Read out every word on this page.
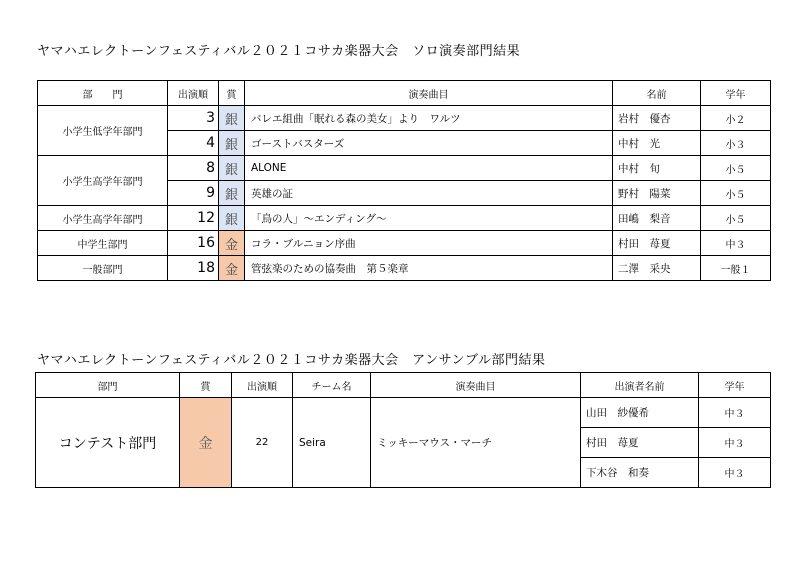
ヤマハエレクトーンフェスティバル２０２１コサカ楽器大会　ソロ演奏部門結果
部　　門	出演順	賞	演奏曲目	名前	学年
小学生低学年部門	3	銀	バレエ組曲「眠れる森の美女」より　ワルツ	岩村　優杏	小２
	4	銀	ゴーストバスターズ	中村　光	小３
小学生高学年部門	8	銀	ALONE	中村　旬	小５
	9	銀	英雄の証	野村　陽菜	小５
小学生高学年部門	12	銀	「鳥の人」～エンディング～	田嶋　梨音	小５
中学生部門	16	金	コラ・ブルニョン序曲	村田　苺夏	中３
一般部門	18	金	管弦楽のための協奏曲　第５楽章	二澤　采央	一般１
ヤマハエレクトーンフェスティバル２０２１コサカ楽器大会　アンサンブル部門結果
部門	賞	出演順	チーム名	演奏曲目	出演者名前	学年
コンテスト部門	金	22	Seira	ミッキーマウス・マーチ	山田　紗優希	中３
					村田　苺夏	中３
					下木谷　和奏	中３
